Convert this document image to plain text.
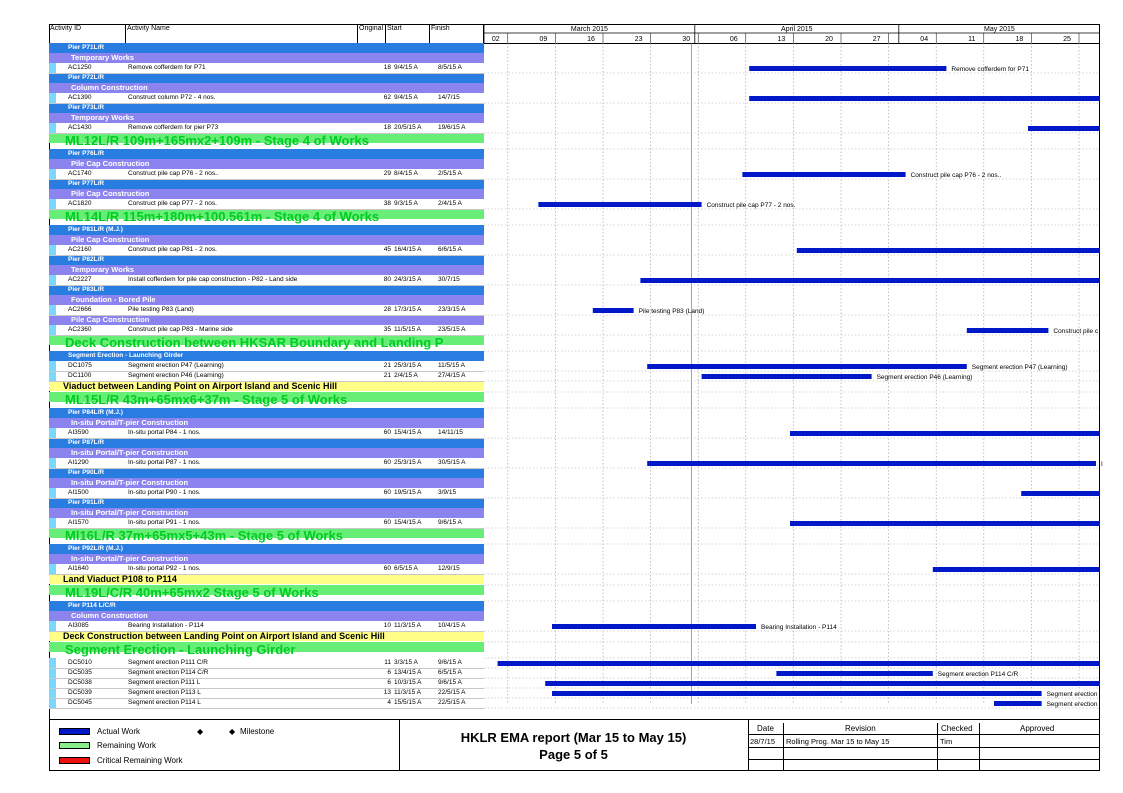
Activity ID	Activity Name	Original Start	Finish	March 2015	April 2015	May 2015
02	09	16	23	30	06	13	20	27	04	11	18	25
Pier P71L/R
Temporary Works
AC1250	Remove cofferdem for P71	18 9/4/15 A	8/5/15 A
Pier P72L/R
Column Construction
AC1390	Construct column P72 - 4 nos.	62 9/4/15 A	14/7/15
Pier P73L/R
Temporary Works
AC1430	Remove cofferdem for pier P73	18 20/5/15 A	19/6/15 A
ML12L/R 109m+165mx2+109m - Stage 4 of Works
Pier P76L/R
Pile Cap Construction
AC1740	Construct pile cap P76 - 2 nos..	29 8/4/15 A	2/5/15 A
Pier P77L/R
Pile Cap Construction
AC1820	Construct pile cap P77 - 2 nos.	38 9/3/15 A	2/4/15 A
ML14L/R 115m+180m+100.561m - Stage 4 of Works
Pier P81L/R (M.J.)
Pile Cap Construction
AC2160	Construct pile cap P81 - 2 nos.	45 16/4/15 A	6/6/15 A
Pier P82L/R
Temporary Works
AC2227	Install cofferdem for pile cap construction - P82 - Land side	80 24/3/15 A	30/7/15
Pier P83L/R
Foundation - Bored Pile
AC2666	Pile testing P83 (Land)	28 17/3/15 A	23/3/15 A
Pile Cap Construction
AC2360	Construct pile cap P83 - Marine side	35 11/5/15 A	23/5/15 A
Deck Construction between HKSAR Boundary and Landing P
Segment Erection - Launching Girder
DC1075	Segment erection P47 (Learning)	21 25/3/15 A	11/5/15 A
DC1100	Segment erection P46 (Learning)	21 2/4/15 A	27/4/15 A
Viaduct between Landing Point on Airport Island and Scenic Hill
ML15L/R 43m+65mx6+37m - Stage 5 of Works
Pier P84L/R (M.J.)
In-situ Portal/T-pier Construction
AI3590	In-situ portal P84 - 1 nos.	60 15/4/15 A	14/11/15
Pier P87L/R
In-situ Portal/T-pier Construction
AI1290	In-situ portal P87 - 1 nos.	60 25/3/15 A	30/5/15 A
Pier P90L/R
In-situ Portal/T-pier Construction
AI1500	In-situ portal P90 - 1 nos.	60 19/5/15 A	3/9/15
Pier P91L/R
In-situ Portal/T-pier Construction
AI1570	In-situ portal P91 - 1 nos.	60 15/4/15 A	9/6/15 A
Ml16L/R 37m+65mx5+43m - Stage 5 of Works
Pier P92L/R (M.J.)
In-situ Portal/T-pier Construction
AI1640	In-situ portal P92 - 1 nos.	60 6/5/15 A	12/9/15
Land Viaduct P108 to P114
ML19L/C/R 40m+65mx2 Stage 5 of Works
Pier P114 L/C/R
Column Construction
AI3085	Bearing Installation - P114	10 11/3/15 A	10/4/15 A
Deck Construction between Landing Point on Airport Island and Scenic Hill
Segment Erection - Launching Girder
DC5010	Segment erection P111 C/R	11 3/3/15 A	9/6/15 A
DC5035	Segment erection P114 C/R	6 13/4/15 A	6/5/15 A
DC5038	Segment erection P111 L	6 10/3/15 A	9/6/15 A
DC5039	Segment erection P113 L	13 11/3/15 A	22/5/15 A
DC5045	Segment erection P114 L	4 15/5/15 A	22/5/15 A
Remove cofferdem for P71
Construct pile cap P76 - 2 nos..
Construct pile cap P77 - 2 nos.
Pile testing P83 (Land)
Construct pile c
Segment erection P47 (Learning)
Segment erection P46 (Learning)
I
Bearing Installation - P114
Segment erection P114 C/R
Segment erection
Segment erection
Actual Work	◆	◆ Milestone
Remaining Work
Critical Remaining Work
HKLR EMA report (Mar 15 to May 15)
Page 5 of 5
Date	Revision	Checked	Approved
28/7/15 Rolling Prog. Mar 15 to May 15	Tim
